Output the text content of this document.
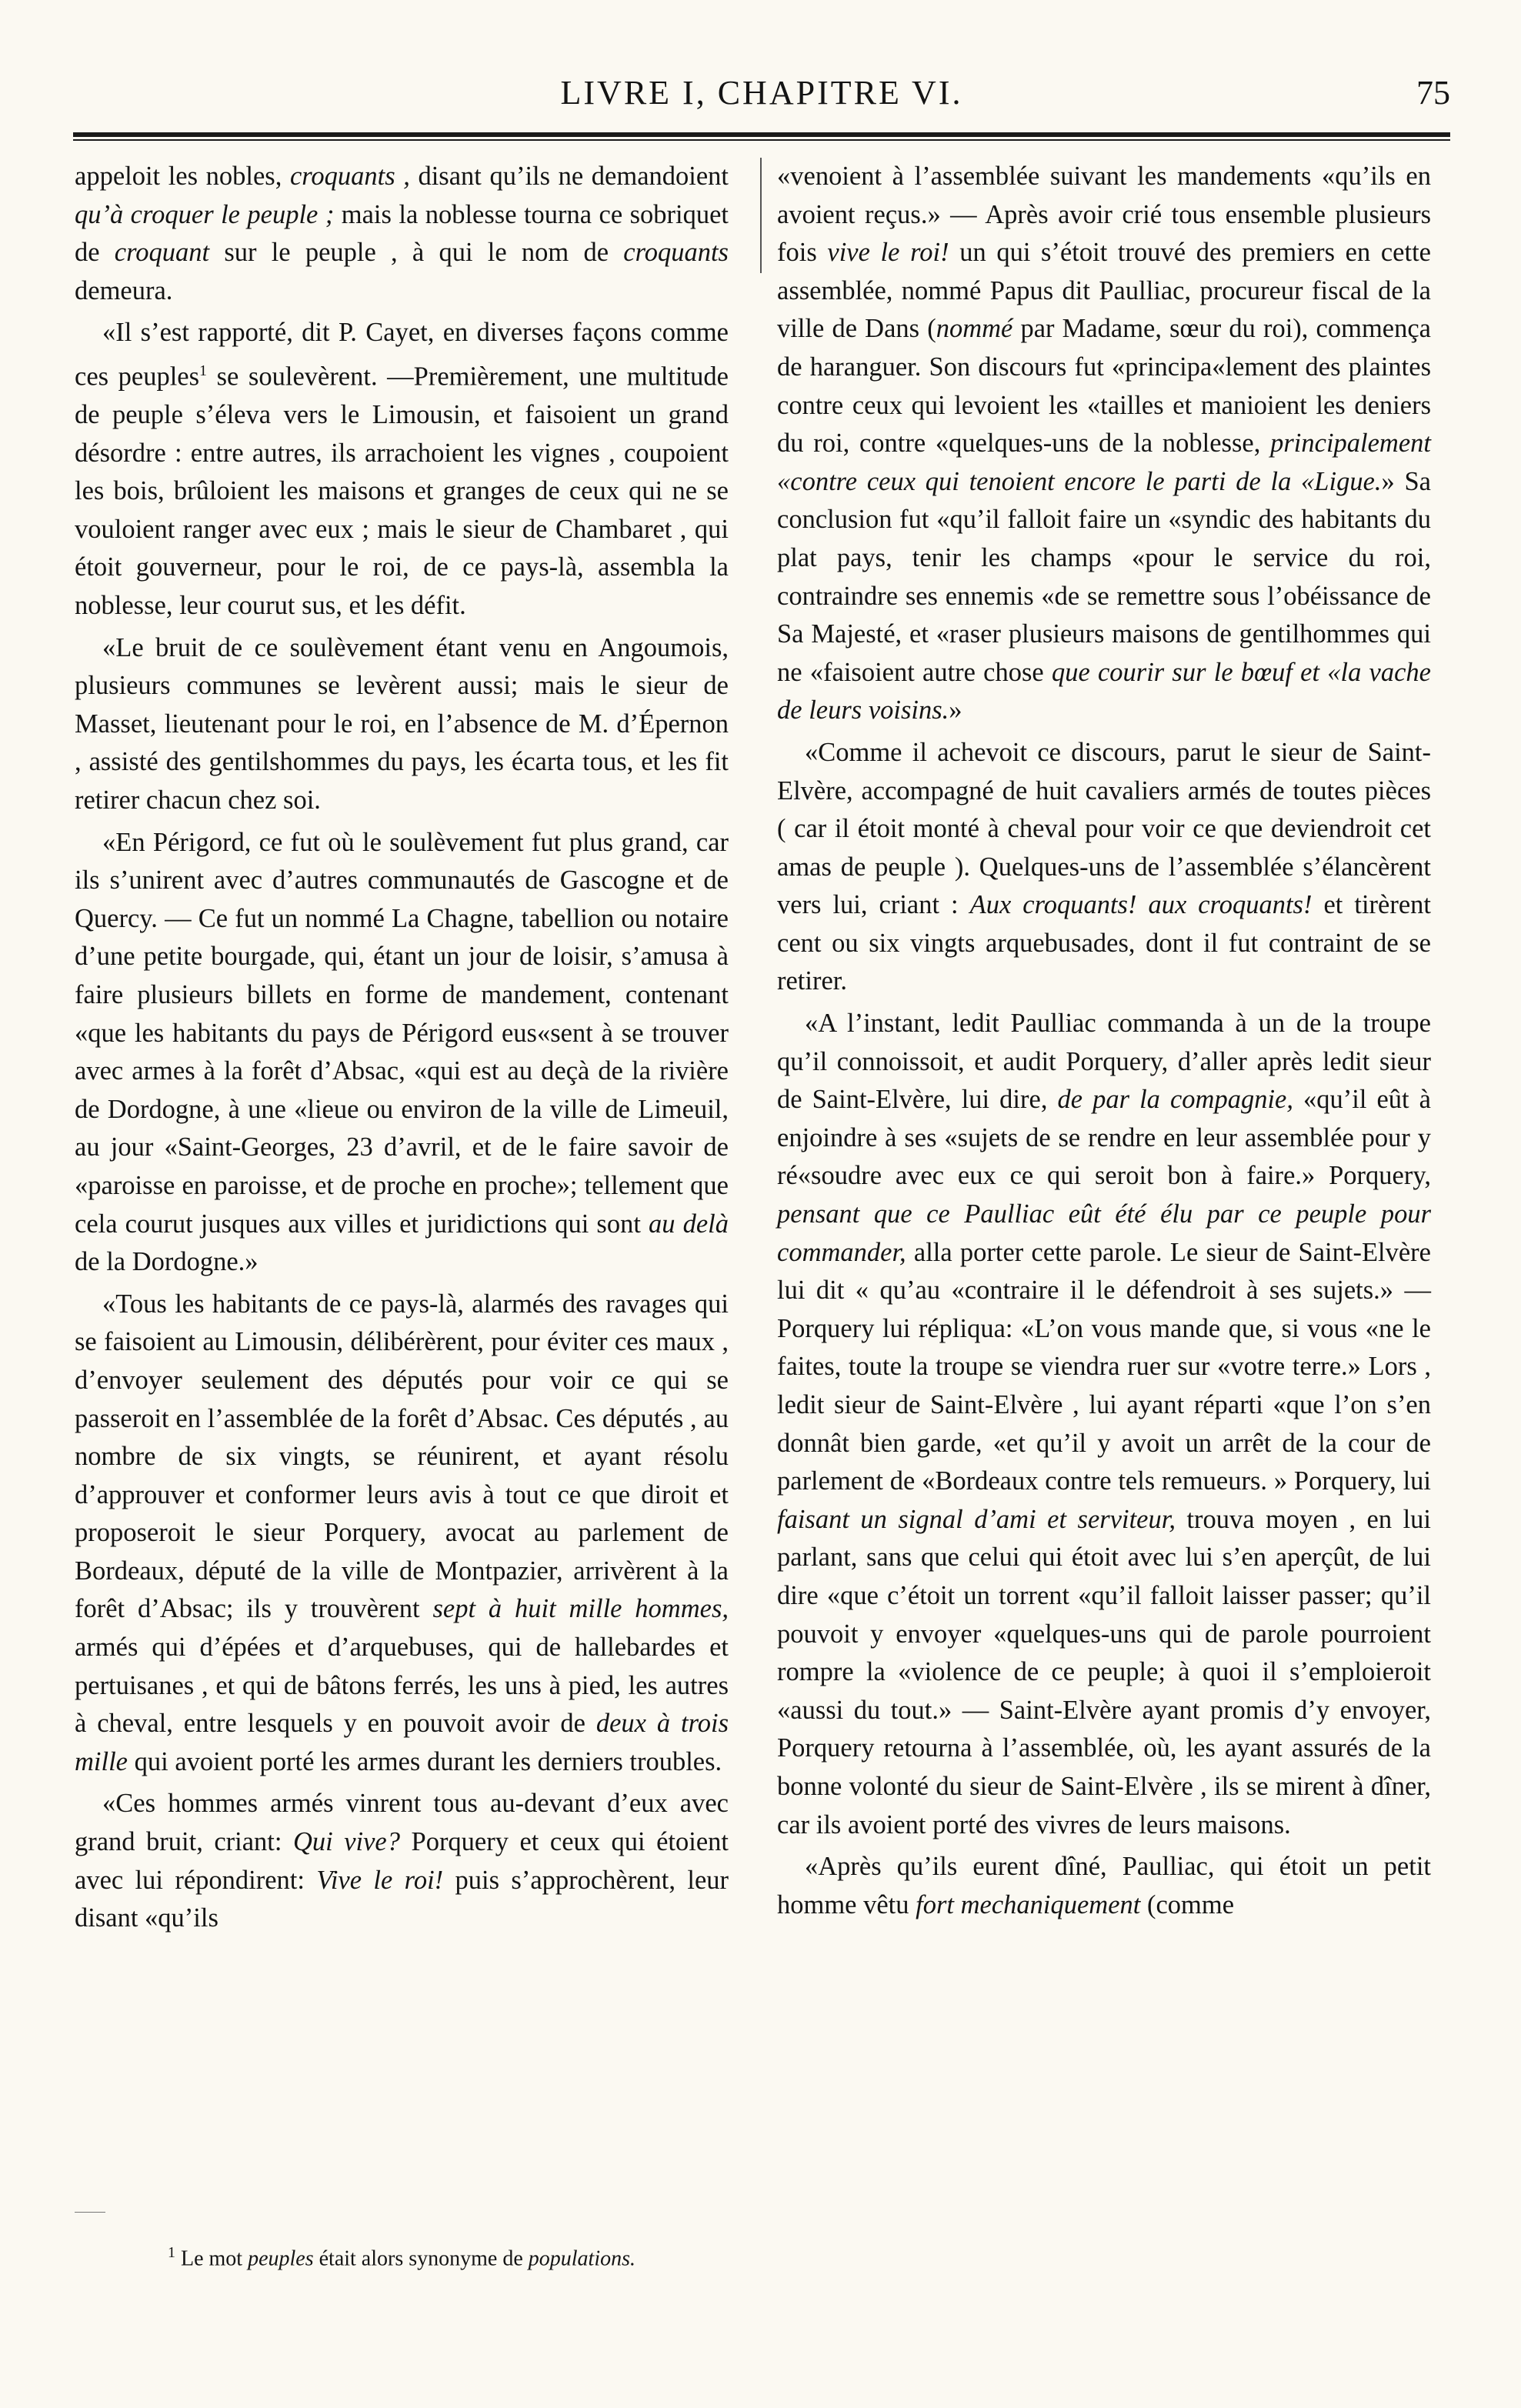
LIVRE I, CHAPITRE VI.	75

appeloit les nobles, croquants , disant qu’ils ne demandoient qu’à croquer le peuple ; mais la noblesse tourna ce sobriquet de croquant sur le peuple , à qui le nom de croquants demeura.

«Il s’est rapporté, dit P. Cayet, en diverses façons comme ces peuples$^1$ se soulevèrent. —Premièrement, une multitude de peuple s’éleva vers le Limousin, et faisoient un grand désordre : entre autres, ils arrachoient les vignes , coupoient les bois, brûloient les maisons et granges de ceux qui ne se vouloient ranger avec eux ; mais le sieur de Chambaret , qui étoit gouverneur, pour le roi, de ce pays-là, assembla la noblesse, leur courut sus, et les défit.

«Le bruit de ce soulèvement étant venu en Angoumois, plusieurs communes se levèrent aussi; mais le sieur de Masset, lieutenant pour le roi, en l’absence de M. d’Épernon , assisté des gentilshommes du pays, les écarta tous, et les fit retirer chacun chez soi.

«En Périgord, ce fut où le soulèvement fut plus grand, car ils s’unirent avec d’autres communautés de Gascogne et de Quercy. — Ce fut un nommé La Chagne, tabellion ou notaire d’une petite bourgade, qui, étant un jour de loisir, s’amusa à faire plusieurs billets en forme de mandement, contenant «que les habitants du pays de Périgord eus«sent à se trouver avec armes à la forêt d’Absac, «qui est au deçà de la rivière de Dordogne, à une «lieue ou environ de la ville de Limeuil, au jour «Saint-Georges, 23 d’avril, et de le faire savoir de «paroisse en paroisse, et de proche en proche»; tellement que cela courut jusques aux villes et juridictions qui sont au delà de la Dordogne.»

«Tous les habitants de ce pays-là, alarmés des ravages qui se faisoient au Limousin, délibérèrent, pour éviter ces maux , d’envoyer seulement des députés pour voir ce qui se passeroit en l’assemblée de la forêt d’Absac. Ces députés , au nombre de six vingts, se réunirent, et ayant résolu d’approuver et conformer leurs avis à tout ce que diroit et proposeroit le sieur Porquery, avocat au parlement de Bordeaux, député de la ville de Montpazier, arrivèrent à la forêt d’Absac; ils y trouvèrent sept à huit mille hommes, armés qui d’épées et d’arquebuses, qui de hallebardes et pertuisanes , et qui de bâtons ferrés, les uns à pied, les autres à cheval, entre lesquels y en pouvoit avoir de deux à trois mille qui avoient porté les armes durant les derniers troubles.

«Ces hommes armés vinrent tous au-devant d’eux avec grand bruit, criant: Qui vive? Porquery et ceux qui étoient avec lui répondirent: Vive le roi! puis s’approchèrent, leur disant «qu’ils

«venoient à l’assemblée suivant les mandements «qu’ils en avoient reçus.» — Après avoir crié tous ensemble plusieurs fois vive le roi! un qui s’étoit trouvé des premiers en cette assemblée, nommé Papus dit Paulliac, procureur fiscal de la ville de Dans (nommé par Madame, sœur du roi), commença de haranguer. Son discours fut «principa«lement des plaintes contre ceux qui levoient les «tailles et manioient les deniers du roi, contre «quelques-uns de la noblesse, principalement «contre ceux qui tenoient encore le parti de la «Ligue.» Sa conclusion fut «qu’il falloit faire un «syndic des habitants du plat pays, tenir les champs «pour le service du roi, contraindre ses ennemis «de se remettre sous l’obéissance de Sa Majesté, et «raser plusieurs maisons de gentilhommes qui ne «faisoient autre chose que courir sur le bœuf et «la vache de leurs voisins.»

«Comme il achevoit ce discours, parut le sieur de Saint-Elvère, accompagné de huit cavaliers armés de toutes pièces ( car il étoit monté à cheval pour voir ce que deviendroit cet amas de peuple ). Quelques-uns de l’assemblée s’élancèrent vers lui, criant : Aux croquants! aux croquants! et tirèrent cent ou six vingts arquebusades, dont il fut contraint de se retirer.

«A l’instant, ledit Paulliac commanda à un de la troupe qu’il connoissoit, et audit Porquery, d’aller après ledit sieur de Saint-Elvère, lui dire, de par la compagnie, «qu’il eût à enjoindre à ses «sujets de se rendre en leur assemblée pour y ré«soudre avec eux ce qui seroit bon à faire.» Porquery, pensant que ce Paulliac eût été élu par ce peuple pour commander, alla porter cette parole. Le sieur de Saint-Elvère lui dit « qu’au «contraire il le défendroit à ses sujets.» — Porquery lui répliqua: «L’on vous mande que, si vous «ne le faites, toute la troupe se viendra ruer sur «votre terre.» Lors , ledit sieur de Saint-Elvère , lui ayant réparti «que l’on s’en donnât bien garde, «et qu’il y avoit un arrêt de la cour de parlement de «Bordeaux contre tels remueurs. » Porquery, lui faisant un signal d’ami et serviteur, trouva moyen , en lui parlant, sans que celui qui étoit avec lui s’en aperçût, de lui dire «que c’étoit un torrent «qu’il falloit laisser passer; qu’il pouvoit y envoyer «quelques-uns qui de parole pourroient rompre la «violence de ce peuple; à quoi il s’emploieroit «aussi du tout.» — Saint-Elvère ayant promis d’y envoyer, Porquery retourna à l’assemblée, où, les ayant assurés de la bonne volonté du sieur de Saint-Elvère , ils se mirent à dîner, car ils avoient porté des vivres de leurs maisons.

«Après qu’ils eurent dîné, Paulliac, qui étoit un petit homme vêtu fort mechaniquement (comme

$^1$ Le mot peuples était alors synonyme de populations.
